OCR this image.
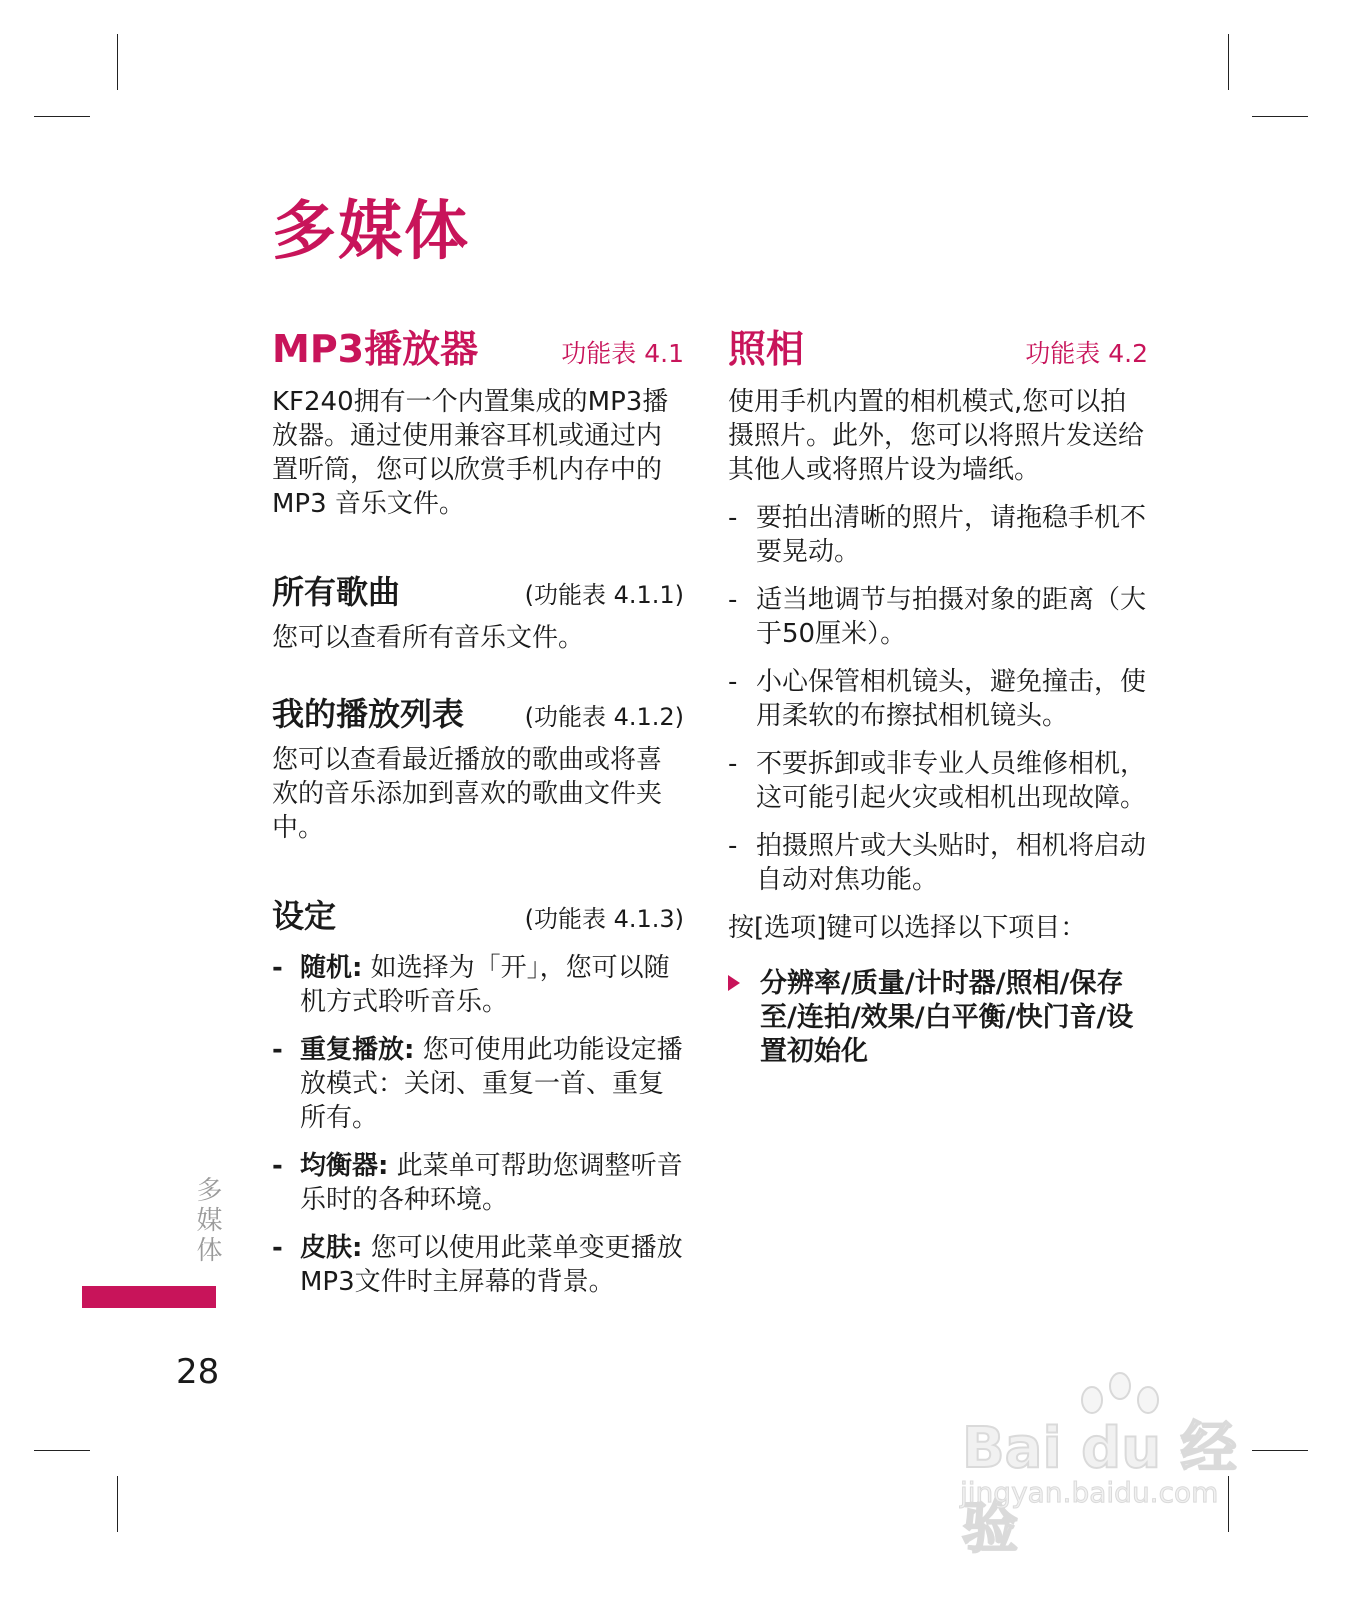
多媒体
MP3播放器	功能表 4.1
KF240拥有一个内置集成的MP3播放器。通过使用兼容耳机或通过内置听筒，您可以欣赏手机内存中的 MP3 音乐文件。
所有歌曲	(功能表 4.1.1)
您可以查看所有音乐文件。
我的播放列表	(功能表 4.1.2)
您可以查看最近播放的歌曲或将喜欢的音乐添加到喜欢的歌曲文件夹中。
设定	(功能表 4.1.3)
- 随机: 如选择为「开」，您可以随机方式聆听音乐。
- 重复播放: 您可使用此功能设定播放模式：关闭、重复一首、重复所有。
- 均衡器: 此菜单可帮助您调整听音乐时的各种环境。
- 皮肤: 您可以使用此菜单变更播放MP3文件时主屏幕的背景。
照相	功能表 4.2
使用手机内置的相机模式,您可以拍摄照片。此外，您可以将照片发送给其他人或将照片设为墙纸。
- 要拍出清晰的照片，请拖稳手机不要晃动。
- 适当地调节与拍摄对象的距离（大于50厘米）。
- 小心保管相机镜头，避免撞击，使用柔软的布擦拭相机镜头。
- 不要拆卸或非专业人员维修相机，这可能引起火灾或相机出现故障。
- 拍摄照片或大头贴时，相机将启动自动对焦功能。
按[选项]键可以选择以下项目：
分辨率/质量/计时器/照相/保存至/连拍/效果/白平衡/快门音/设置初始化
多媒体
28
Bai du 经验
jingyan.baidu.com
